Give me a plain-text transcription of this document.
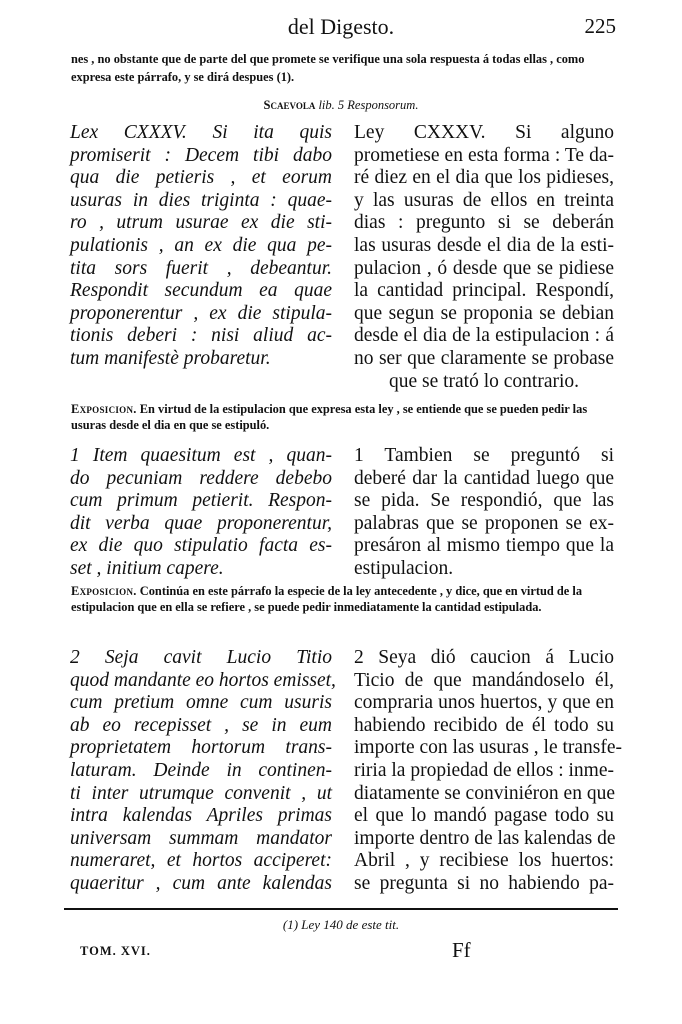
del Digesto.	225
nes , no obstante que de parte del que promete se verifique una sola respuesta á todas ellas , como expresa este párrafo, y se dirá despues (1).
Scaevola lib. 5 Responsorum.
Lex CXXXV. Si ita quis
promiserit : Decem tibi dabo
qua die petieris , et eorum
usuras in dies triginta : quae-
ro , utrum usurae ex die sti-
pulationis , an ex die qua pe-
tita sors fuerit , debeantur.
Respondit secundum ea quae
proponerentur , ex die stipula-
tionis deberi : nisi aliud ac-
tum manifestè probaretur.
Ley CXXXV. Si alguno
prometiese en esta forma : Te da-
ré diez en el dia que los pidieses,
y las usuras de ellos en treinta
dias : pregunto si se deberán
las usuras desde el dia de la esti-
pulacion , ó desde que se pidiese
la cantidad principal. Respondí,
que segun se proponia se debian
desde el dia de la estipulacion : á
no ser que claramente se probase
que se trató lo contrario.
Exposicion. En virtud de la estipulacion que expresa esta ley , se entiende que se pueden pedir las usuras desde el dia en que se estipuló.
1 Item quaesitum est , quan-
do pecuniam reddere debebo
cum primum petierit. Respon-
dit verba quae proponerentur,
ex die quo stipulatio facta es-
set , initium capere.
1 Tambien se preguntó si
deberé dar la cantidad luego que
se pida. Se respondió, que las
palabras que se proponen se ex-
presáron al mismo tiempo que la
estipulacion.
Exposicion. Continúa en este párrafo la especie de la ley antecedente , y dice, que en virtud de la estipulacion que en ella se refiere , se puede pedir inmediatamente la cantidad estipulada.
2 Seja cavit Lucio Titio
quod mandante eo hortos emisset,
cum pretium omne cum usuris
ab eo recepisset , se in eum
proprietatem hortorum trans-
laturam. Deinde in continen-
ti inter utrumque convenit , ut
intra kalendas Apriles primas
universam summam mandator
numeraret, et hortos acciperet:
quaeritur , cum ante kalendas
2 Seya dió caucion á Lucio
Ticio de que mandándoselo él,
compraria unos huertos, y que en
habiendo recibido de él todo su
importe con las usuras , le transfe-
riria la propiedad de ellos : inme-
diatamente se conviniéron en que
el que lo mandó pagase todo su
importe dentro de las kalendas de
Abril , y recibiese los huertos:
se pregunta si no habiendo pa-
(1) Ley 140 de este tit.
TOM. XVI.	Ff
